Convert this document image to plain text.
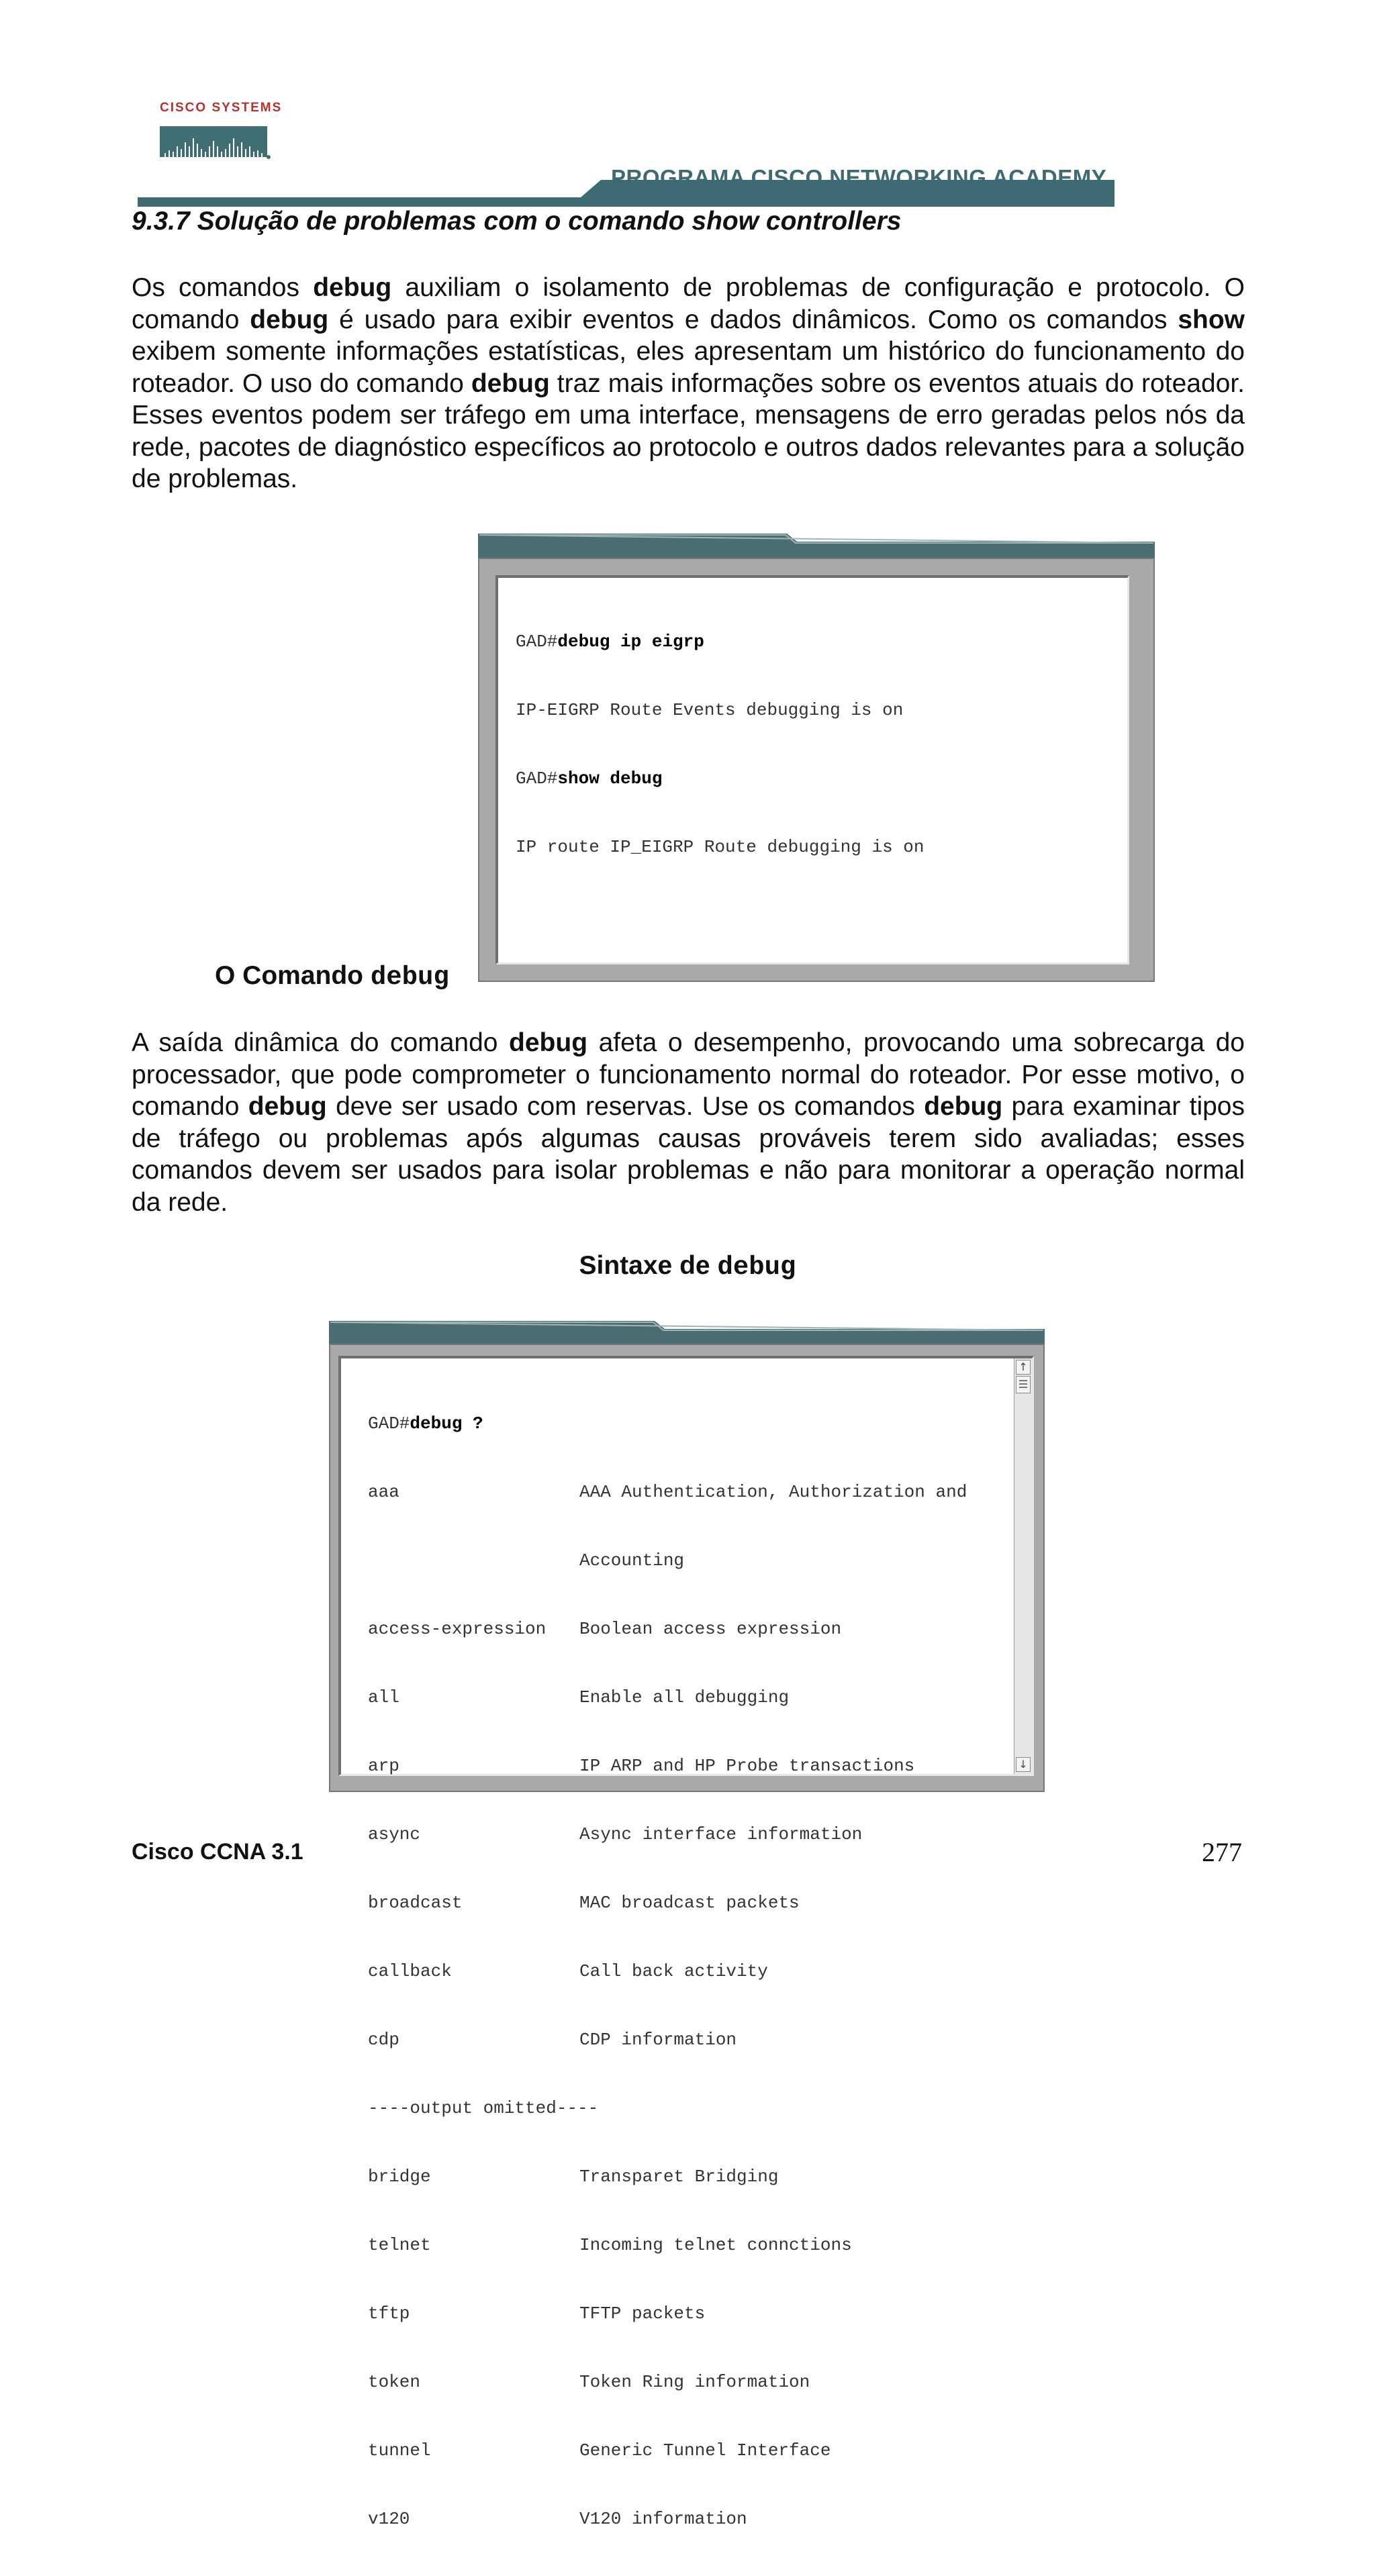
CISCO SYSTEMS
PROGRAMA CISCO NETWORKING ACADEMY
9.3.7 Solução de problemas com o comando show controllers
Os comandos debug auxiliam o isolamento de problemas de configuração e protocolo. O comando debug é usado para exibir eventos e dados dinâmicos. Como os comandos show exibem somente informações estatísticas, eles apresentam um histórico do funcionamento do roteador. O uso do comando debug traz mais informações sobre os eventos atuais do roteador. Esses eventos podem ser tráfego em uma interface, mensagens de erro geradas pelos nós da rede, pacotes de diagnóstico específicos ao protocolo e outros dados relevantes para a solução de problemas.

GAD#debug ip eigrp

IP-EIGRP Route Events debugging is on

GAD#show debug

IP route IP_EIGRP Route debugging is on

O Comando debug
A saída dinâmica do comando debug afeta o desempenho, provocando uma sobrecarga do processador, que pode comprometer o funcionamento normal do roteador. Por esse motivo, o comando debug deve ser usado com reservas. Use os comandos debug para examinar tipos de tráfego ou problemas após algumas causas prováveis terem sido avaliadas; esses comandos devem ser usados para isolar problemas e não para monitorar a operação normal da rede.
Sintaxe de debug

GAD#debug ?

aaa	AAA Authentication, Authorization and

Accounting

access-expression Boolean access expression

all	Enable all debugging

arp	IP ARP and HP Probe transactions

async	Async interface information

broadcast	MAC broadcast packets

callback	Call back activity

cdp	CDP information

----output omitted----

bridge	Transparet Bridging

telnet	Incoming telnet connctions

tftp	TFTP packets

token	Token Ring information

tunnel	Generic Tunnel Interface

v120	V120 information

↑
↓
Cisco CCNA 3.1	277
